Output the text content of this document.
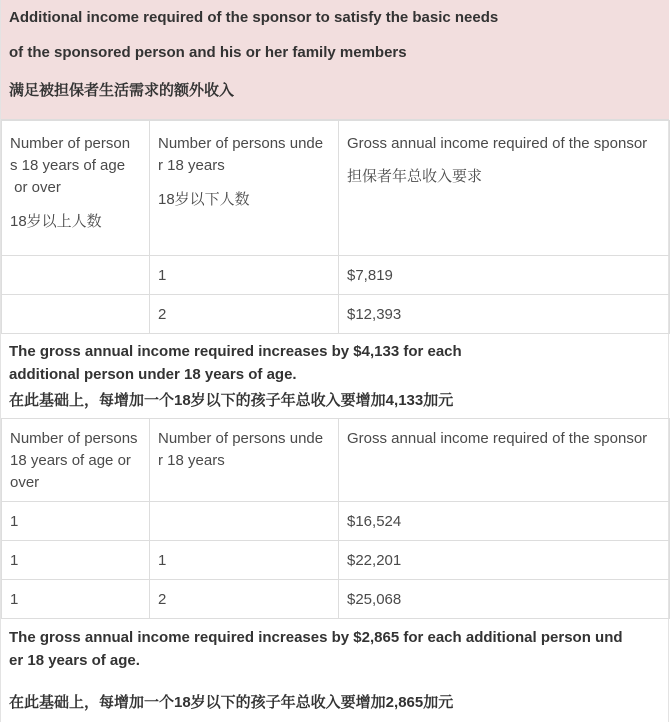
Additional income required of the sponsor to satisfy the basic needs
of the sponsored person and his or her family members
满足被担保者生活需求的额外收入
Number of person
s 18 years of age
or over
18岁以上人数	Number of persons unde
r 18 years
18岁以下人数	Gross annual income required of the sponsor
担保者年总收入要求

	1	$7,819
	2	$12,393
The gross annual income required increases by $4,133 for each
additional person under 18 years of age.
在此基础上，每增加一个18岁以下的孩子年总收入要增加4,133加元
Number of persons
18 years of age or
over	Number of persons unde
r 18 years	Gross annual income required of the sponsor

1		$16,524
1	1	$22,201
1	2	$25,068
The gross annual income required increases by $2,865 for each additional person und
er 18 years of age.
在此基础上，每增加一个18岁以下的孩子年总收入要增加2,865加元
